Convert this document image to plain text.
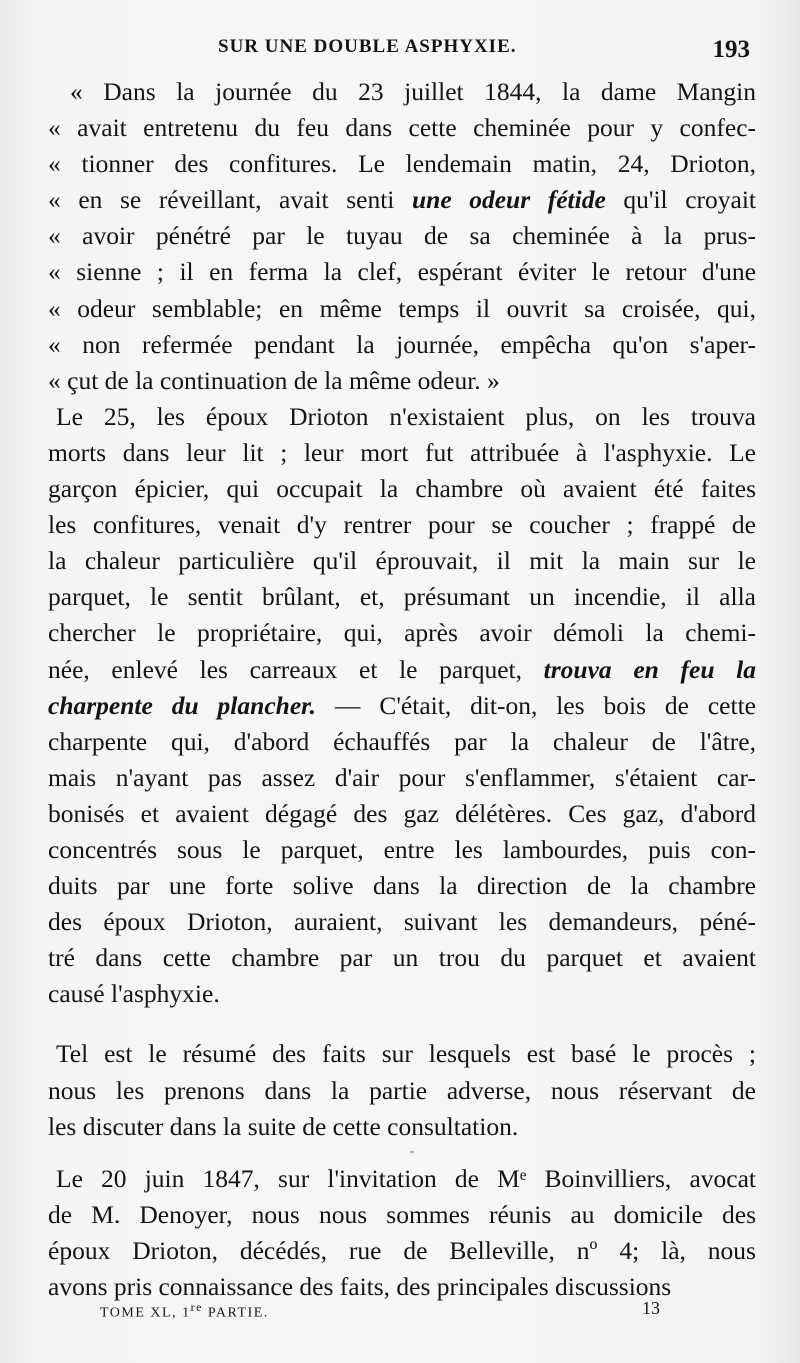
SUR UNE DOUBLE ASPHYXIE.	193
« Dans la journée du 23 juillet 1844, la dame Mangin
« avait entretenu du feu dans cette cheminée pour y confec-
« tionner des confitures. Le lendemain matin, 24, Drioton,
« en se réveillant, avait senti une odeur fétide qu'il croyait
« avoir pénétré par le tuyau de sa cheminée à la prus-
« sienne ; il en ferma la clef, espérant éviter le retour d'une
« odeur semblable; en même temps il ouvrit sa croisée, qui,
« non refermée pendant la journée, empêcha qu'on s'aper-
« çut de la continuation de la même odeur. »
Le 25, les époux Drioton n'existaient plus, on les trouva
morts dans leur lit ; leur mort fut attribuée à l'asphyxie. Le
garçon épicier, qui occupait la chambre où avaient été faites
les confitures, venait d'y rentrer pour se coucher ; frappé de
la chaleur particulière qu'il éprouvait, il mit la main sur le
parquet, le sentit brûlant, et, présumant un incendie, il alla
chercher le propriétaire, qui, après avoir démoli la chemi-
née, enlevé les carreaux et le parquet, trouva en feu la
charpente du plancher. — C'était, dit-on, les bois de cette
charpente qui, d'abord échauffés par la chaleur de l'âtre,
mais n'ayant pas assez d'air pour s'enflammer, s'étaient car-
bonisés et avaient dégagé des gaz délétères. Ces gaz, d'abord
concentrés sous le parquet, entre les lambourdes, puis con-
duits par une forte solive dans la direction de la chambre
des époux Drioton, auraient, suivant les demandeurs, péné-
tré dans cette chambre par un trou du parquet et avaient
causé l'asphyxie.
Tel est le résumé des faits sur lesquels est basé le procès ;
nous les prenons dans la partie adverse, nous réservant de
les discuter dans la suite de cette consultation.
-
Le 20 juin 1847, sur l'invitation de Mᵉ Boinvilliers, avocat
de M. Denoyer, nous nous sommes réunis au domicile des
époux Drioton, décédés, rue de Belleville, nº 4; là, nous
avons pris connaissance des faits, des principales discussions
TOME XL, 1re PARTIE.	13
